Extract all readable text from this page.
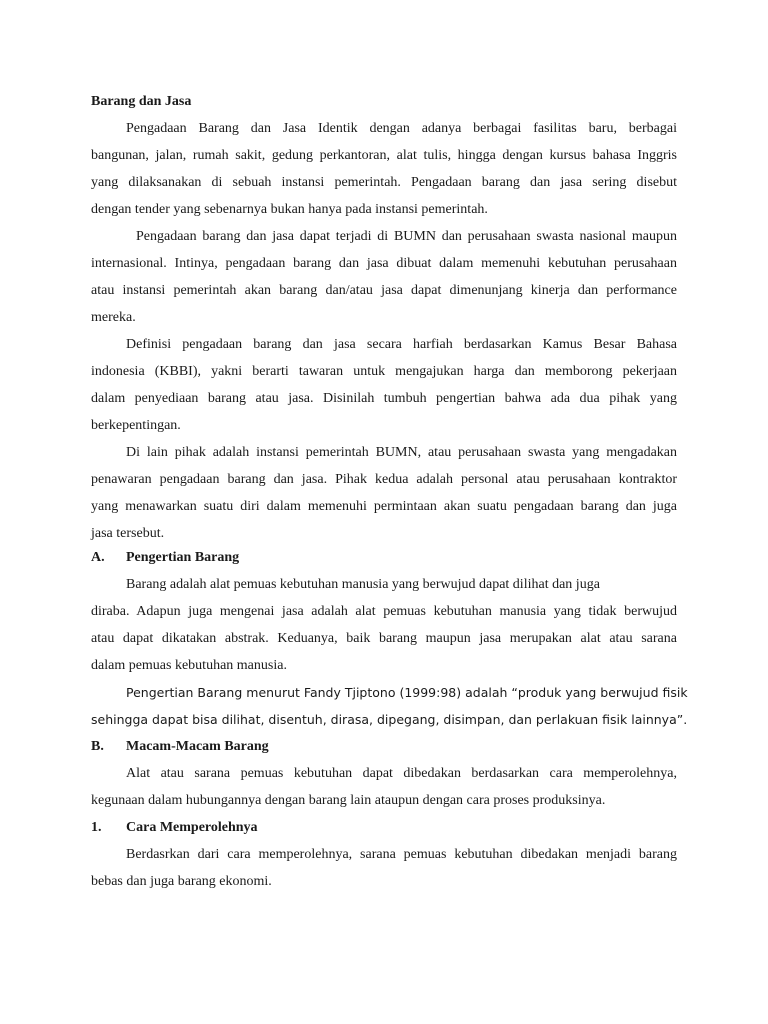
Barang dan Jasa
Pengadaan Barang dan Jasa Identik dengan adanya berbagai fasilitas baru, berbagai
bangunan, jalan, rumah sakit, gedung perkantoran, alat tulis, hingga dengan kursus bahasa Inggris
yang dilaksanakan di sebuah instansi pemerintah. Pengadaan barang dan jasa sering disebut
dengan tender yang sebenarnya bukan hanya pada instansi pemerintah.
Pengadaan barang dan jasa dapat terjadi di BUMN dan perusahaan swasta nasional maupun
internasional. Intinya, pengadaan barang dan jasa dibuat dalam memenuhi kebutuhan perusahaan
atau instansi pemerintah akan barang dan/atau jasa dapat dimenunjang kinerja dan performance
mereka.
Definisi pengadaan barang dan jasa secara harfiah berdasarkan Kamus Besar Bahasa
indonesia (KBBI), yakni berarti tawaran untuk mengajukan harga dan memborong pekerjaan
dalam penyediaan barang atau jasa. Disinilah tumbuh pengertian bahwa ada dua pihak yang
berkepentingan.
Di lain pihak adalah instansi pemerintah BUMN, atau perusahaan swasta yang mengadakan
penawaran pengadaan barang dan jasa. Pihak kedua adalah personal atau perusahaan kontraktor
yang menawarkan suatu diri dalam memenuhi permintaan akan suatu pengadaan barang dan juga
jasa tersebut.
A. Pengertian Barang
Barang adalah alat pemuas kebutuhan manusia yang berwujud dapat dilihat dan juga
diraba. Adapun juga mengenai jasa adalah alat pemuas kebutuhan manusia yang tidak berwujud
atau dapat dikatakan abstrak. Keduanya, baik barang maupun jasa merupakan alat atau sarana
dalam pemuas kebutuhan manusia.
Pengertian Barang menurut Fandy Tjiptono (1999:98) adalah “produk yang berwujud fisik
sehingga dapat bisa dilihat, disentuh, dirasa, dipegang, disimpan, dan perlakuan fisik lainnya”.
B. Macam-Macam Barang
Alat atau sarana pemuas kebutuhan dapat dibedakan berdasarkan cara memperolehnya,
kegunaan dalam hubungannya dengan barang lain ataupun dengan cara proses produksinya.
1. Cara Memperolehnya
Berdasrkan dari cara memperolehnya, sarana pemuas kebutuhan dibedakan menjadi barang
bebas dan juga barang ekonomi.
